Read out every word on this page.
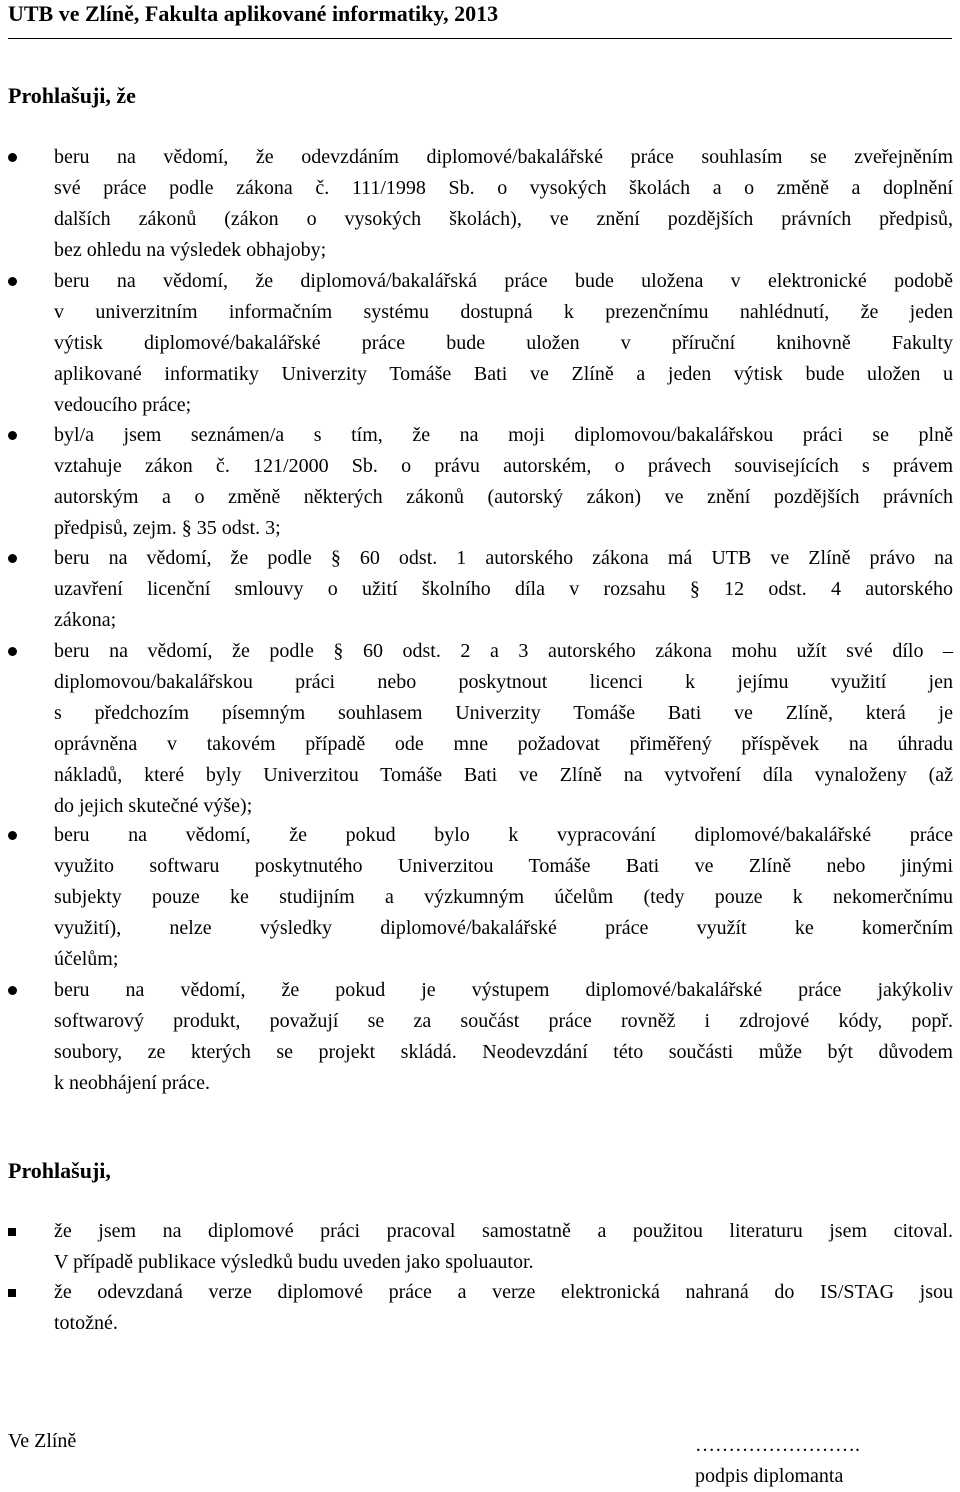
UTB ve Zlíně, Fakulta aplikované informatiky, 2013
Prohlašuji, že
beru na vědomí, že odevzdáním diplomové/bakalářské práce souhlasím se zveřejněním
své práce podle zákona č. 111/1998 Sb. o vysokých školách a o změně a doplnění
dalších zákonů (zákon o vysokých školách), ve znění pozdějších právních předpisů,
bez ohledu na výsledek obhajoby;
beru na vědomí, že diplomová/bakalářská práce bude uložena v elektronické podobě
v univerzitním informačním systému dostupná k prezenčnímu nahlédnutí, že jeden
výtisk diplomové/bakalářské práce bude uložen v příruční knihovně Fakulty
aplikované informatiky Univerzity Tomáše Bati ve Zlíně a jeden výtisk bude uložen u
vedoucího práce;
byl/a jsem seznámen/a s tím, že na moji diplomovou/bakalářskou práci se plně
vztahuje zákon č. 121/2000 Sb. o právu autorském, o právech souvisejících s právem
autorským a o změně některých zákonů (autorský zákon) ve znění pozdějších právních
předpisů, zejm. § 35 odst. 3;
beru na vědomí, že podle § 60 odst. 1 autorského zákona má UTB ve Zlíně právo na
uzavření licenční smlouvy o užití školního díla v rozsahu § 12 odst. 4 autorského
zákona;
beru na vědomí, že podle § 60 odst. 2 a 3 autorského zákona mohu užít své dílo –
diplomovou/bakalářskou práci nebo poskytnout licenci k jejímu využití jen
s předchozím písemným souhlasem Univerzity Tomáše Bati ve Zlíně, která je
oprávněna v takovém případě ode mne požadovat přiměřený příspěvek na úhradu
nákladů, které byly Univerzitou Tomáše Bati ve Zlíně na vytvoření díla vynaloženy (až
do jejich skutečné výše);
beru na vědomí, že pokud bylo k vypracování diplomové/bakalářské práce
využito softwaru poskytnutého Univerzitou Tomáše Bati ve Zlíně nebo jinými
subjekty pouze ke studijním a výzkumným účelům (tedy pouze k nekomerčnímu
využití), nelze výsledky diplomové/bakalářské práce využít ke komerčním
účelům;
beru na vědomí, že pokud je výstupem diplomové/bakalářské práce jakýkoliv
softwarový produkt, považují se za součást práce rovněž i zdrojové kódy, popř.
soubory, ze kterých se projekt skládá. Neodevzdání této součásti může být důvodem
k neobhájení práce.
Prohlašuji,
že jsem na diplomové práci pracoval samostatně a použitou literaturu jsem citoval.
V případě publikace výsledků budu uveden jako spoluautor.
že odevzdaná verze diplomové práce a verze elektronická nahraná do IS/STAG jsou
totožné.
Ve Zlíně	…………………….
podpis diplomanta
